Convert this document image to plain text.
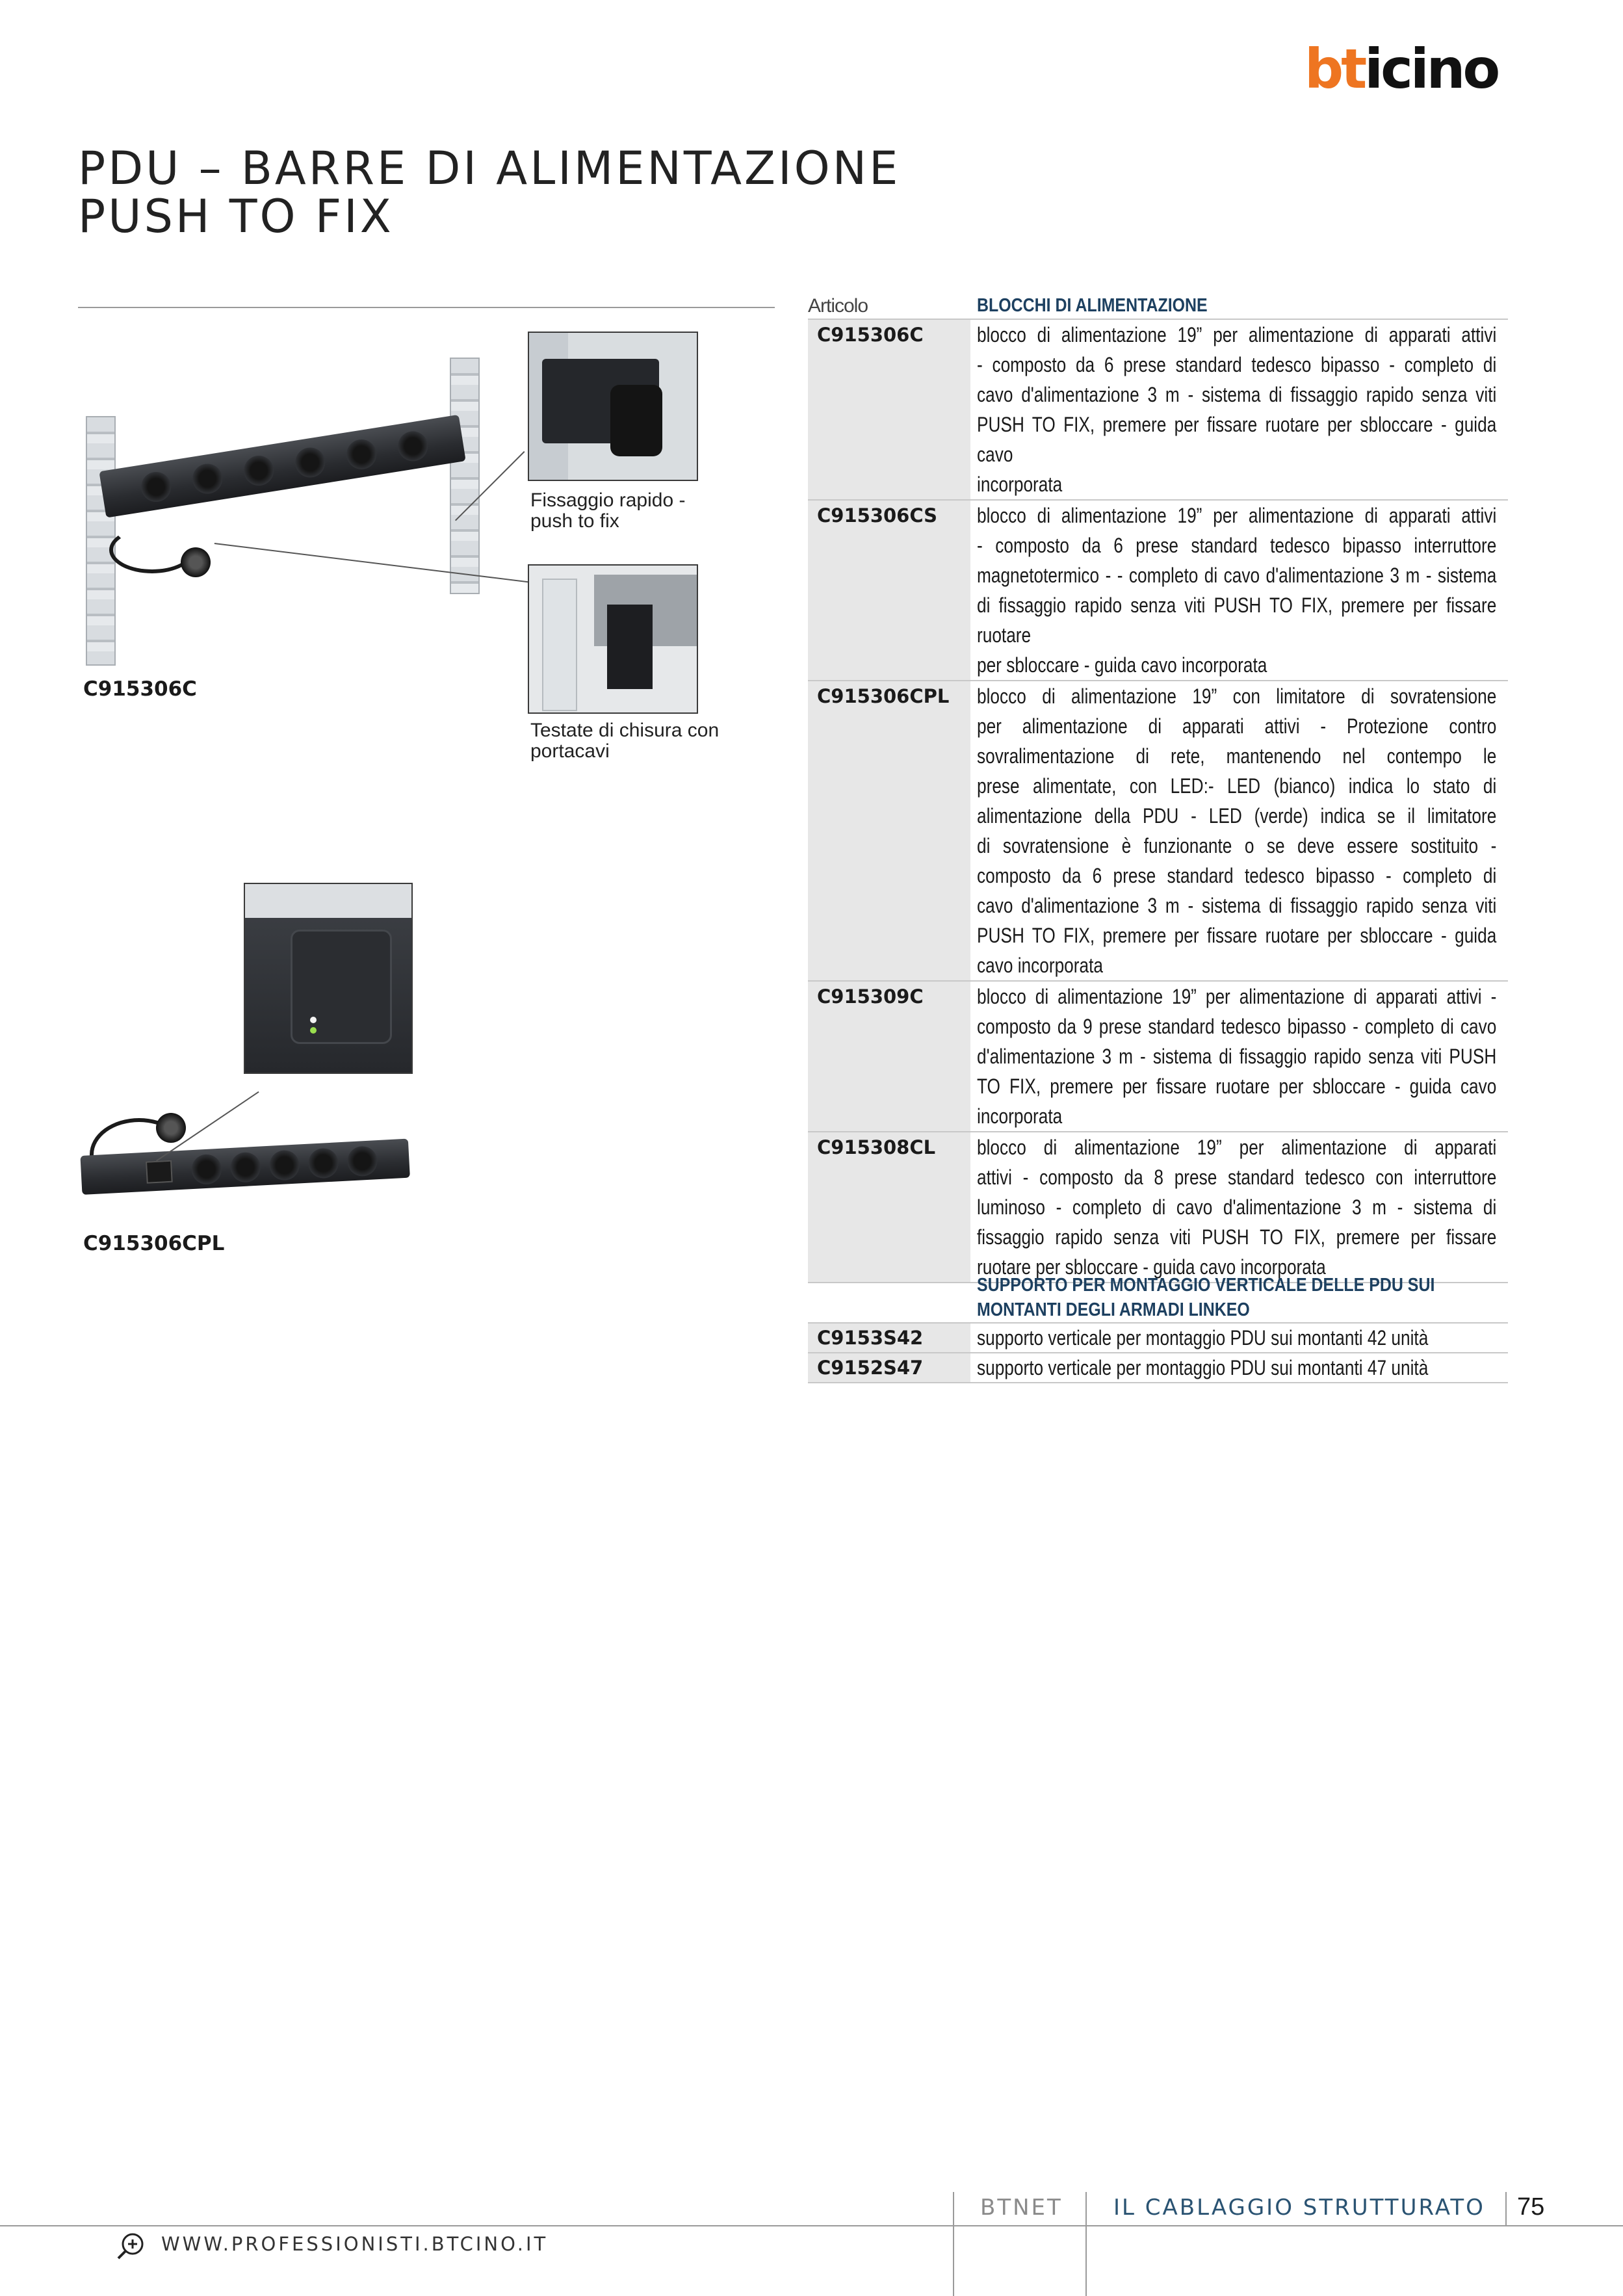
bticino
PDU – BARRE DI ALIMENTAZIONE
PUSH TO FIX
Fissaggio rapido -
push to fix
Testate di chisura con
portacavi
C915306C
C915306CPL
Articolo	BLOCCHI DI ALIMENTAZIONE
C915306C	blocco di alimentazione 19” per alimentazione di apparati attivi
- composto da 6 prese standard tedesco bipasso - completo di
cavo d'alimentazione 3 m - sistema di fissaggio rapido senza viti
PUSH TO FIX, premere per fissare ruotare per sbloccare - guida cavo
incorporata
C915306CS	blocco di alimentazione 19” per alimentazione di apparati attivi
- composto da 6 prese standard tedesco bipasso interruttore
magnetotermico - - completo di cavo d'alimentazione 3 m - sistema
di fissaggio rapido senza viti PUSH TO FIX, premere per fissare ruotare
per sbloccare - guida cavo incorporata
C915306CPL	blocco di alimentazione 19” con limitatore di sovratensione
per alimentazione di apparati attivi - Protezione contro
sovralimentazione di rete, mantenendo nel contempo le
prese alimentate, con LED:- LED (bianco) indica lo stato di
alimentazione della PDU - LED (verde) indica se il limitatore
di sovratensione è funzionante o se deve essere sostituito -
composto da 6 prese standard tedesco bipasso - completo di
cavo d'alimentazione 3 m - sistema di fissaggio rapido senza viti
PUSH TO FIX, premere per fissare ruotare per sbloccare - guida
cavo incorporata
C915309C	blocco di alimentazione 19” per alimentazione di apparati attivi -
composto da 9 prese standard tedesco bipasso - completo di cavo
d'alimentazione 3 m - sistema di fissaggio rapido senza viti PUSH
TO FIX, premere per fissare ruotare per sbloccare - guida cavo
incorporata
C915308CL	blocco di alimentazione 19” per alimentazione di apparati
attivi - composto da 8 prese standard tedesco con interruttore
luminoso - completo di cavo d'alimentazione 3 m - sistema di
fissaggio rapido senza viti PUSH TO FIX, premere per fissare
ruotare per sbloccare - guida cavo incorporata
SUPPORTO PER MONTAGGIO VERTICALE DELLE PDU SUI
MONTANTI DEGLI ARMADI LINKEO
C9153S42	supporto verticale per montaggio PDU sui montanti 42 unità
C9152S47	supporto verticale per montaggio PDU sui montanti 47 unità
BTNET IL CABLAGGIO STRUTTURATO 75
WWW.PROFESSIONISTI.BTCINO.IT
